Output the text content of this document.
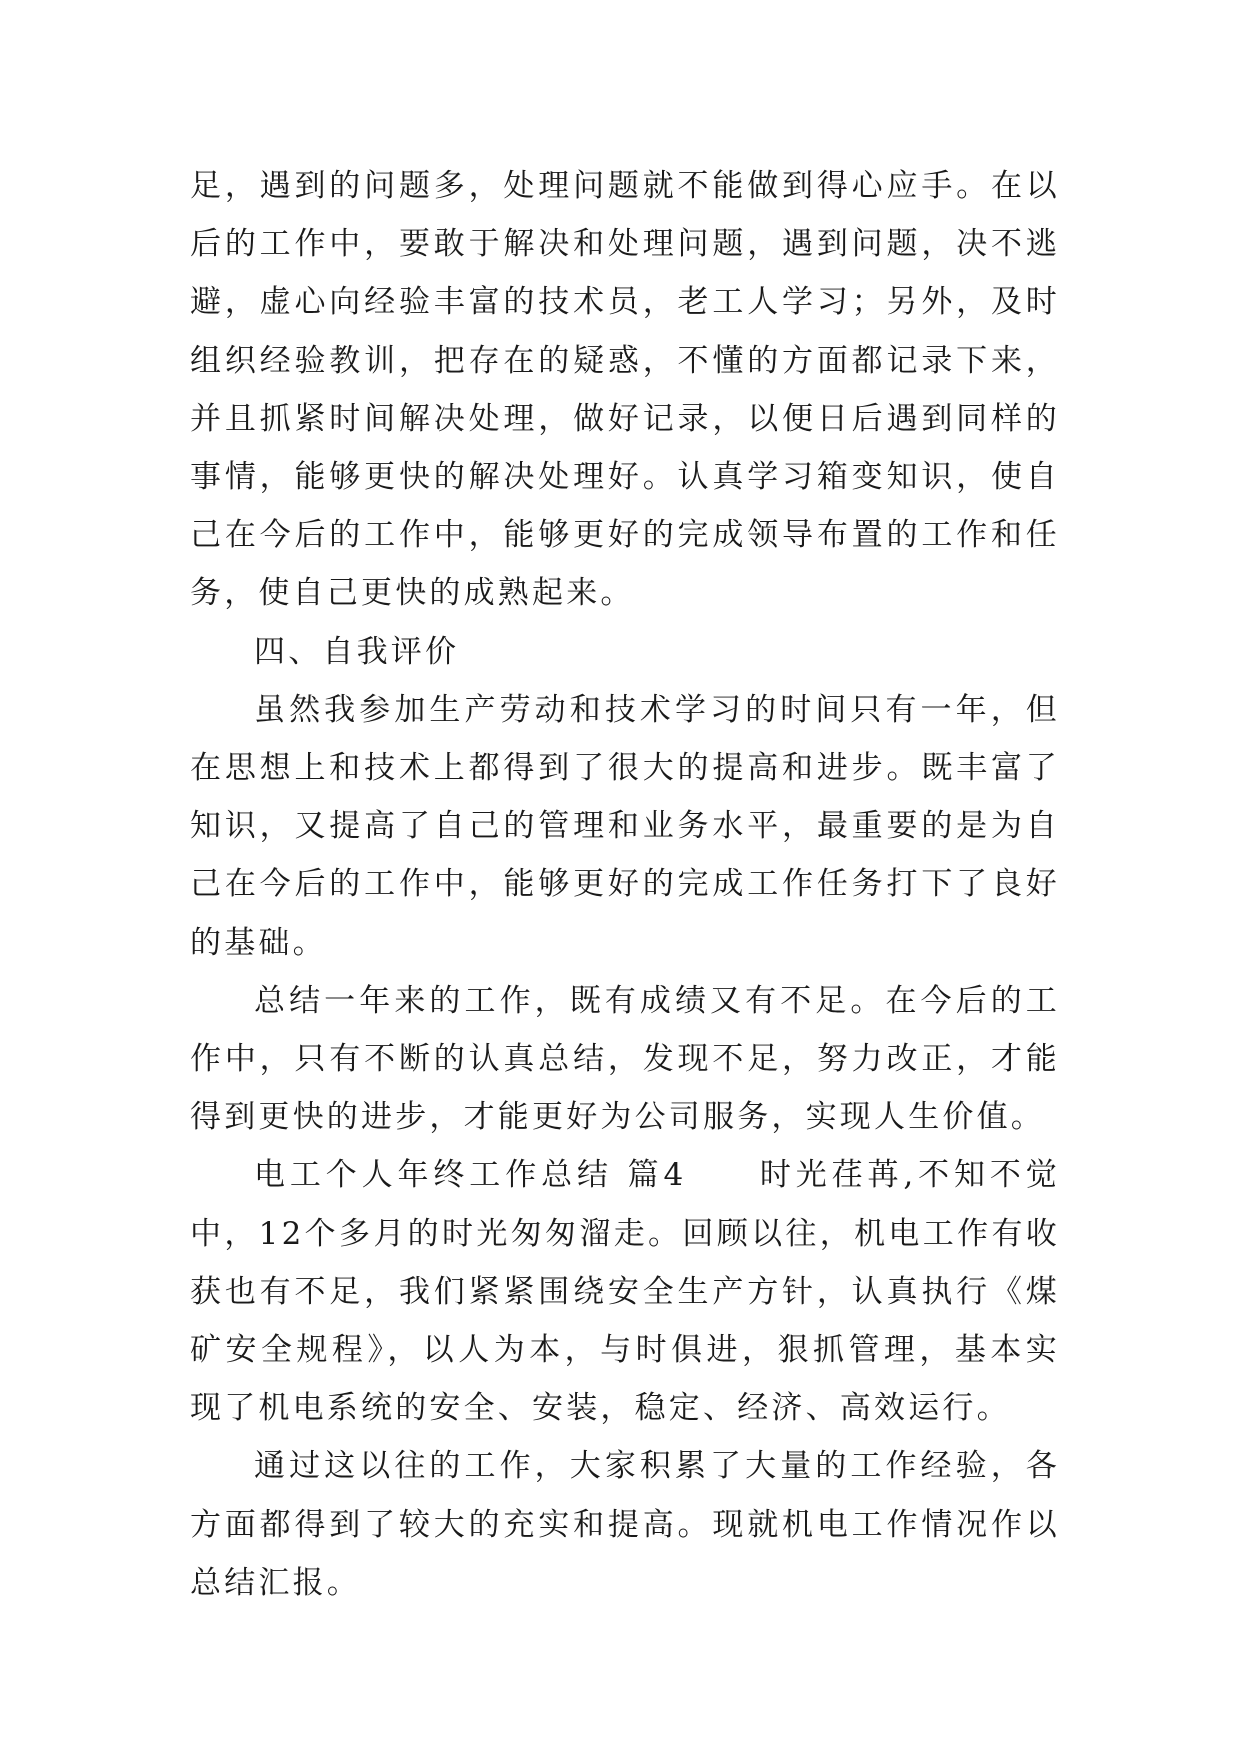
足，遇到的问题多，处理问题就不能做到得心应手。在以后的工作中，要敢于解决和处理问题，遇到问题，决不逃避，虚心向经验丰富的技术员，老工人学习；另外，及时组织经验教训，把存在的疑惑，不懂的方面都记录下来，并且抓紧时间解决处理，做好记录，以便日后遇到同样的事情，能够更快的解决处理好。认真学习箱变知识，使自己在今后的工作中，能够更好的完成领导布置的工作和任务，使自己更快的成熟起来。

四、自我评价

虽然我参加生产劳动和技术学习的时间只有一年，但在思想上和技术上都得到了很大的提高和进步。既丰富了知识，又提高了自己的管理和业务水平，最重要的是为自己在今后的工作中，能够更好的完成工作任务打下了良好的基础。

总结一年来的工作，既有成绩又有不足。在今后的工作中，只有不断的认真总结，发现不足，努力改正，才能得到更快的进步，才能更好为公司服务，实现人生价值。

电工个人年终工作总结 篇4　　时光荏苒,不知不觉中，12个多月的时光匆匆溜走。回顾以往，机电工作有收获也有不足，我们紧紧围绕安全生产方针，认真执行《煤矿安全规程》，以人为本，与时俱进，狠抓管理，基本实现了机电系统的安全、安装，稳定、经济、高效运行。

通过这以往的工作，大家积累了大量的工作经验，各方面都得到了较大的充实和提高。现就机电工作情况作以总结汇报。
